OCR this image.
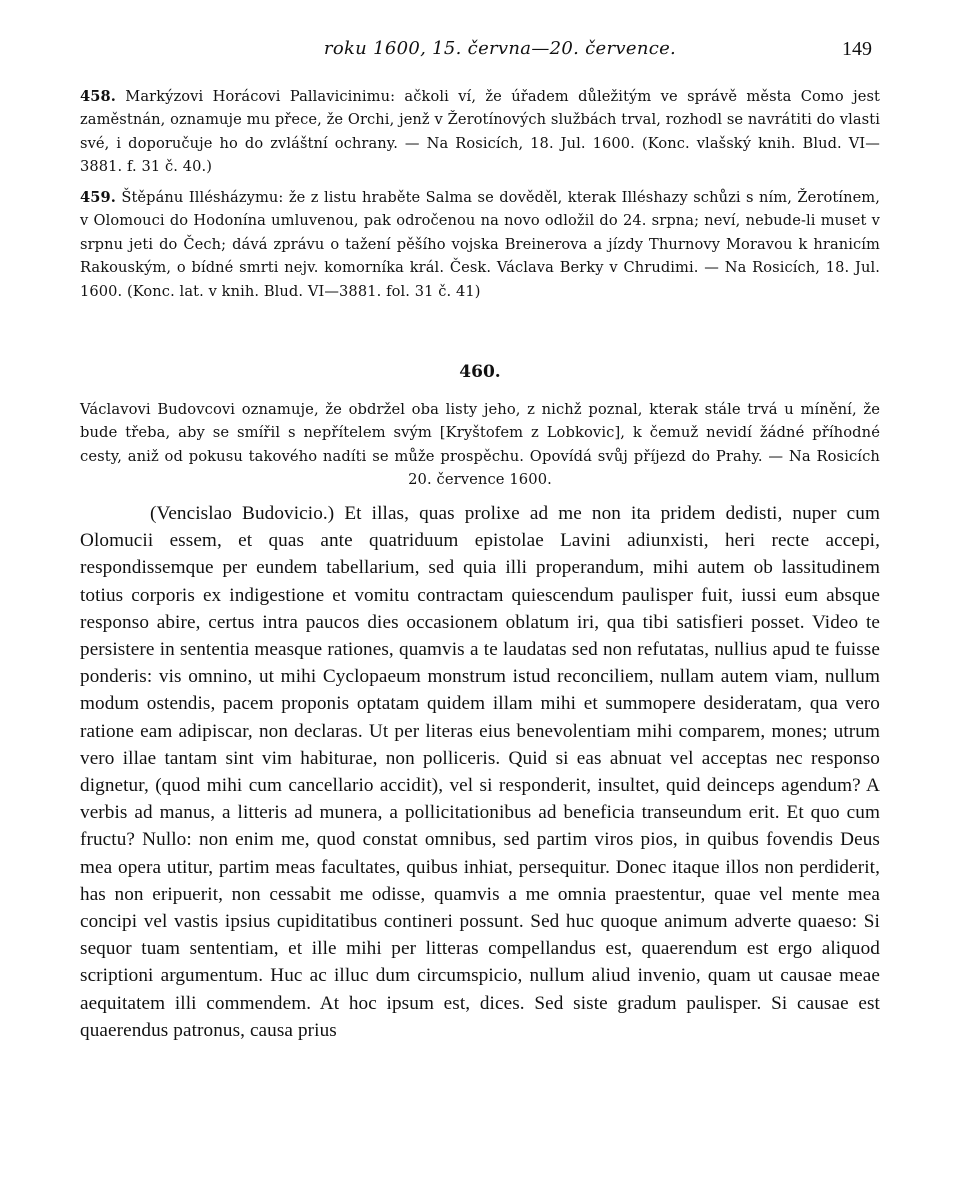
roku 1600, 15. června—20. července.	149

458. Markýzovi Horácovi Pallavicinimu: ačkoli ví, že úřadem důležitým ve správě města Como jest zaměstnán, oznamuje mu přece, že Orchi, jenž v Žerotínových službách trval, rozhodl se navrátiti do vlasti své, i doporučuje ho do zvláštní ochrany. — Na Rosicích, 18. Jul. 1600. (Konc. vlašský knih. Blud. VI—3881. f. 31 č. 40.)

459. Štěpánu Illésházymu: že z listu hraběte Salma se dověděl, kterak Illéshazy schůzi s ním, Žerotínem, v Olomouci do Hodonína umluvenou, pak odročenou na novo odložil do 24. srpna; neví, nebude-li muset v srpnu jeti do Čech; dává zprávu o tažení pěšího vojska Breinerova a jízdy Thurnovy Moravou k hranicím Rakouským, o bídné smrti nejv. komorníka král. Česk. Václava Berky v Chrudimi. — Na Rosicích, 18. Jul. 1600. (Konc. lat. v knih. Blud. VI—3881. fol. 31 č. 41)

460.

Václavovi Budovcovi oznamuje, že obdržel oba listy jeho, z nichž poznal, kterak stále trvá u mínění, že bude třeba, aby se smířil s nepřítelem svým [Kryštofem z Lobkovic], k čemuž nevidí žádné příhodné cesty, aniž od pokusu takového nadíti se může prospěchu. Opovídá svůj příjezd do Prahy. — Na Rosicích 20. července 1600.

(Vencislao Budovicio.) Et illas, quas prolixe ad me non ita pridem dedisti, nuper cum Olomucii essem, et quas ante quatriduum epistolae Lavini adiunxisti, heri recte accepi, respondissemque per eundem tabellarium, sed quia illi properandum, mihi autem ob lassitudinem totius corporis ex indigestione et vomitu contractam quiescendum paulisper fuit, iussi eum absque responso abire, certus intra paucos dies occasionem oblatum iri, qua tibi satisfieri posset. Video te persistere in sententia measque rationes, quamvis a te laudatas sed non refutatas, nullius apud te fuisse ponderis: vis omnino, ut mihi Cyclopaeum monstrum istud reconciliem, nullam autem viam, nullum modum ostendis, pacem proponis optatam quidem illam mihi et summopere desideratam, qua vero ratione eam adipiscar, non declaras. Ut per literas eius benevolentiam mihi comparem, mones; utrum vero illae tantam sint vim habiturae, non polliceris. Quid si eas abnuat vel acceptas nec responso dignetur, (quod mihi cum cancellario accidit), vel si responderit, insultet, quid deinceps agendum? A verbis ad manus, a litteris ad munera, a pollicitationibus ad beneficia transeundum erit. Et quo cum fructu? Nullo: non enim me, quod constat omnibus, sed partim viros pios, in quibus fovendis Deus mea opera utitur, partim meas facultates, quibus inhiat, persequitur. Donec itaque illos non perdiderit, has non eripuerit, non cessabit me odisse, quamvis a me omnia praestentur, quae vel mente mea concipi vel vastis ipsius cupiditatibus contineri possunt. Sed huc quoque animum adverte quaeso: Si sequor tuam sententiam, et ille mihi per litteras compellandus est, quaerendum est ergo aliquod scriptioni argumentum. Huc ac illuc dum circumspicio, nullum aliud invenio, quam ut causae meae aequitatem illi commendem. At hoc ipsum est, dices. Sed siste gradum paulisper. Si causae est quaerendus patronus, causa prius
